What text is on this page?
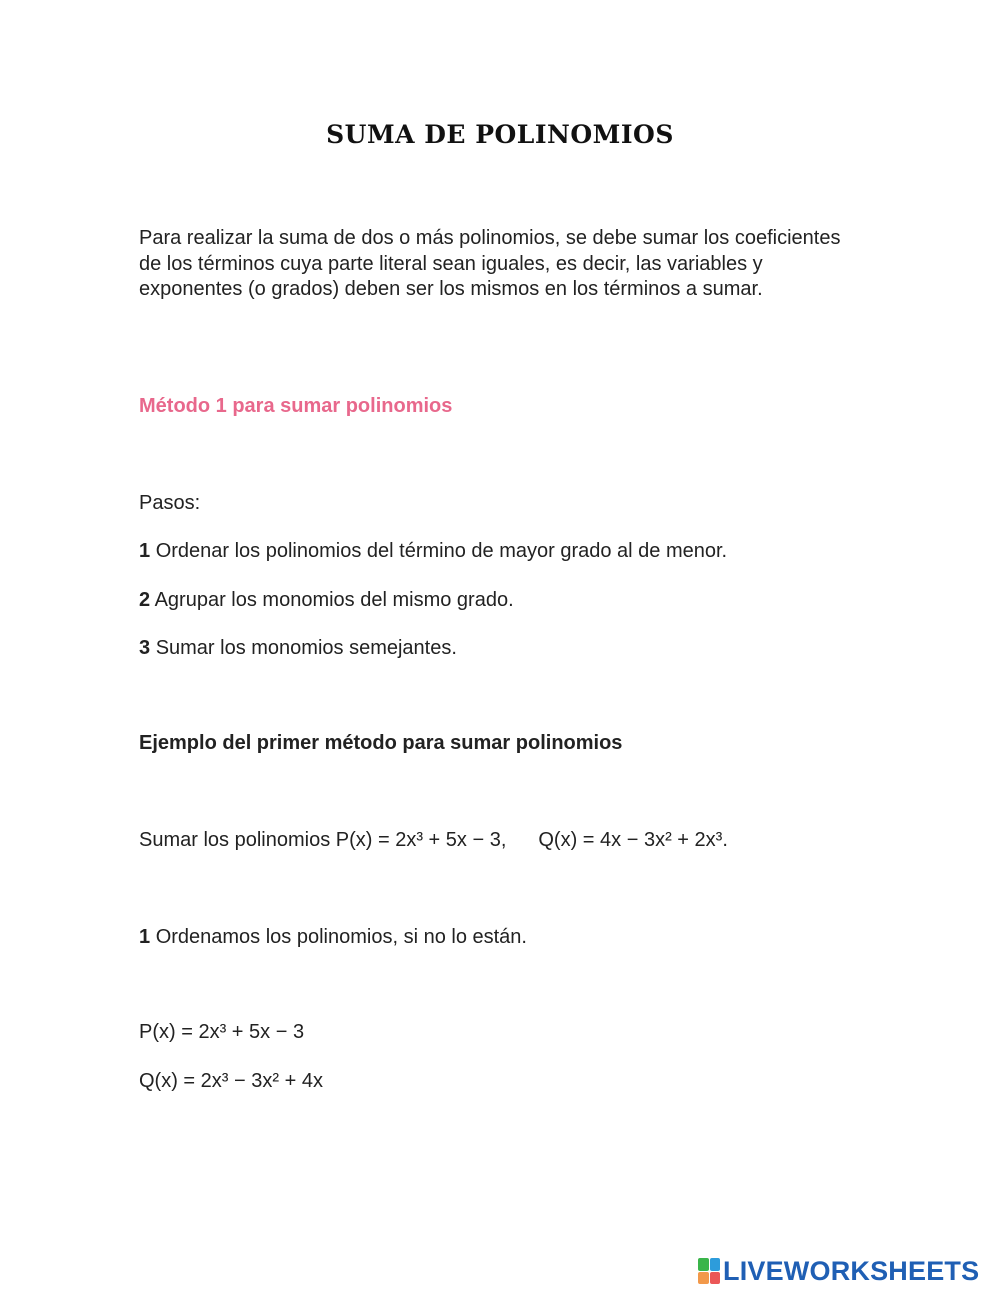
SUMA DE POLINOMIOS
Para realizar la suma de dos o más polinomios, se debe sumar los coeficientes de los términos cuya parte literal sean iguales, es decir, las variables y exponentes (o grados) deben ser los mismos en los términos a sumar.
Método 1 para sumar polinomios
Pasos:
1 Ordenar los polinomios del término de mayor grado al de menor.
2 Agrupar los monomios del mismo grado.
3 Sumar los monomios semejantes.
Ejemplo del primer método para sumar polinomios
Sumar los polinomios P(x) = 2x³ + 5x − 3, Q(x) = 4x − 3x² + 2x³.
1 Ordenamos los polinomios, si no lo están.
P(x) = 2x³ + 5x − 3
Q(x) = 2x³ − 3x² + 4x
LIVEWORKSHEETS
